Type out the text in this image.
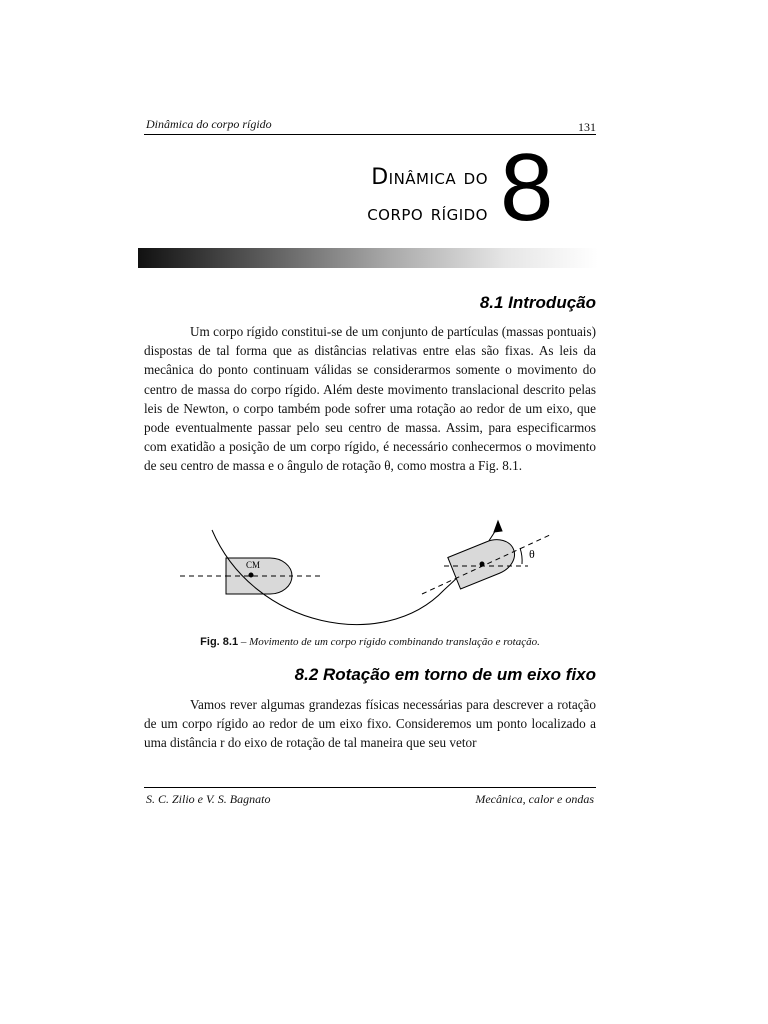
Dinâmica do corpo rígido	131
Dinâmica do
corpo rígido 8
8.1 Introdução

Um corpo rígido constitui-se de um conjunto de partículas (massas pontuais) dispostas de tal forma que as distâncias relativas entre elas são fixas. As leis da mecânica do ponto continuam válidas se considerarmos somente o movimento do centro de massa do corpo rígido. Além deste movimento translacional descrito pelas leis de Newton, o corpo também pode sofrer uma rotação ao redor de um eixo, que pode eventualmente passar pelo seu centro de massa. Assim, para especificarmos com exatidão a posição de um corpo rígido, é necessário conhecermos o movimento de seu centro de massa e o ângulo de rotação θ, como mostra a Fig. 8.1.

CM
θ
Fig. 8.1 – Movimento de um corpo rígido combinando translação e rotação.
8.2 Rotação em torno de um eixo fixo

Vamos rever algumas grandezas físicas necessárias para descrever a rotação de um corpo rígido ao redor de um eixo fixo. Consideremos um ponto localizado a uma distância r do eixo de rotação de tal maneira que seu vetor

S. C. Zilio e V. S. Bagnato	Mecânica, calor e ondas
